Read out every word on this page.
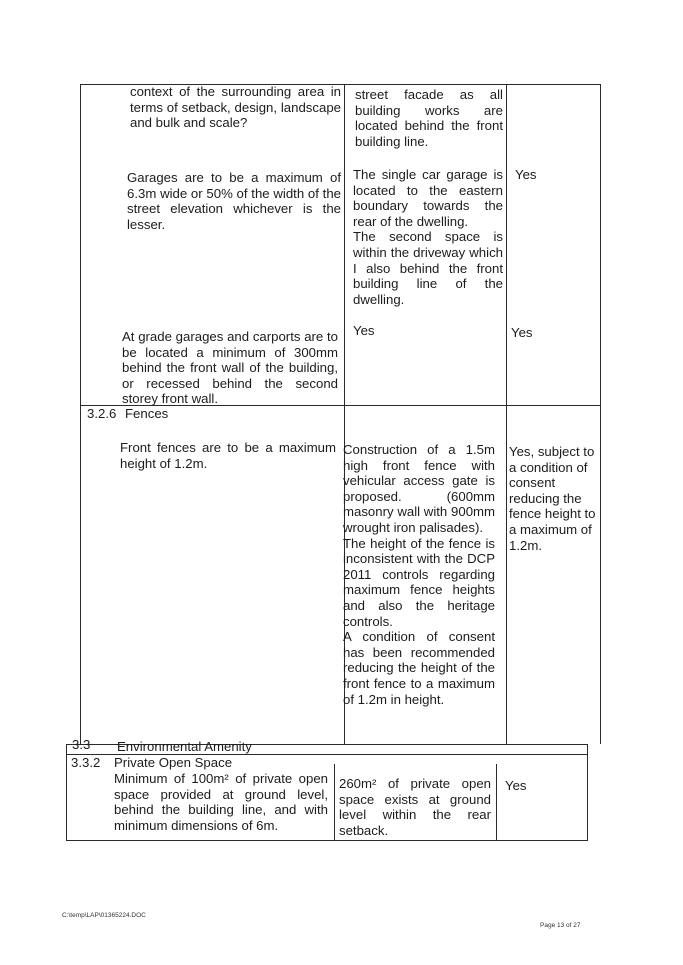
context of the surrounding area in terms of setback, design, landscape and bulk and scale?
street facade as all building works are located behind the front building line.
Garages are to be a maximum of 6.3m wide or 50% of the width of the street elevation whichever is the lesser.
The single car garage is located to the eastern boundary towards the rear of the dwelling.
The second space is within the driveway which I also behind the front building line of the dwelling.
Yes
At grade garages and carports are to be located a minimum of 300mm behind the front wall of the building, or recessed behind the second storey front wall.
Yes	Yes
3.2.6 Fences
Front fences are to be a maximum height of 1.2m.
Construction of a 1.5m high front fence with vehicular access gate is proposed. (600mm masonry wall with 900mm wrought iron palisades).
The height of the fence is inconsistent with the DCP 2011 controls regarding maximum fence heights and also the heritage controls.
A condition of consent has been recommended reducing the height of the front fence to a maximum of 1.2m in height.
Yes, subject to a condition of consent reducing the fence height to a maximum of 1.2m.
3.3 Environmental Amenity
3.3.2 Private Open Space
Minimum of 100m² of private open space provided at ground level, behind the building line, and with minimum dimensions of 6m.
260m² of private open space exists at ground level within the rear setback.
Yes
C:\temp\LAP\01365224.DOC
Page 13 of 27
